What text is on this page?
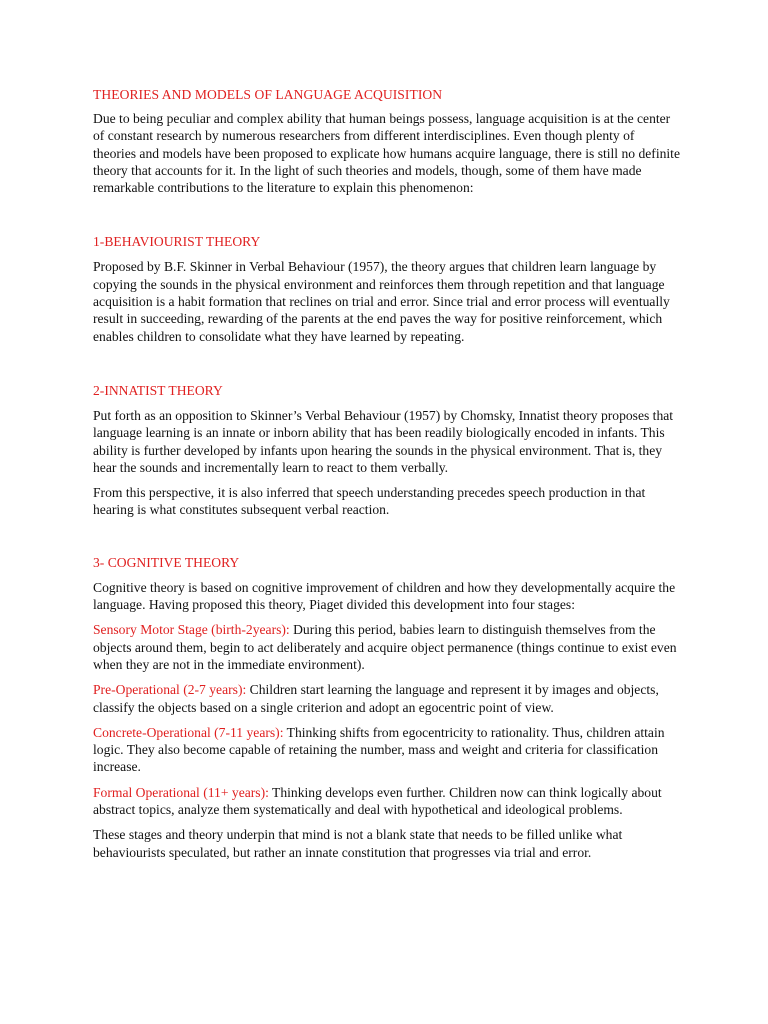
THEORIES AND MODELS OF LANGUAGE ACQUISITION

Due to being peculiar and complex ability that human beings possess, language acquisition is at the center of constant research by numerous researchers from different interdisciplines. Even though plenty of theories and models have been proposed to explicate how humans acquire language, there is still no definite theory that accounts for it. In the light of such theories and models, though, some of them have made remarkable contributions to the literature to explain this phenomenon:

1-BEHAVIOURIST THEORY

Proposed by B.F. Skinner in Verbal Behaviour (1957), the theory argues that children learn language by copying the sounds in the physical environment and reinforces them through repetition and that language acquisition is a habit formation that reclines on trial and error. Since trial and error process will eventually result in succeeding, rewarding of the parents at the end paves the way for positive reinforcement, which enables children to consolidate what they have learned by repeating.

2-INNATIST THEORY

Put forth as an opposition to Skinner’s Verbal Behaviour (1957) by Chomsky, Innatist theory proposes that language learning is an innate or inborn ability that has been readily biologically encoded in infants. This ability is further developed by infants upon hearing the sounds in the physical environment. That is, they hear the sounds and incrementally learn to react to them verbally.

From this perspective, it is also inferred that speech understanding precedes speech production in that hearing is what constitutes subsequent verbal reaction.

3- COGNITIVE THEORY

Cognitive theory is based on cognitive improvement of children and how they developmentally acquire the language. Having proposed this theory, Piaget divided this development into four stages:

Sensory Motor Stage (birth-2years): During this period, babies learn to distinguish themselves from the objects around them, begin to act deliberately and acquire object permanence (things continue to exist even when they are not in the immediate environment).

Pre-Operational (2-7 years): Children start learning the language and represent it by images and objects, classify the objects based on a single criterion and adopt an egocentric point of view.

Concrete-Operational (7-11 years): Thinking shifts from egocentricity to rationality. Thus, children attain logic. They also become capable of retaining the number, mass and weight and criteria for classification increase.

Formal Operational (11+ years): Thinking develops even further. Children now can think logically about abstract topics, analyze them systematically and deal with hypothetical and ideological problems.

These stages and theory underpin that mind is not a blank state that needs to be filled unlike what behaviourists speculated, but rather an innate constitution that progresses via trial and error.
